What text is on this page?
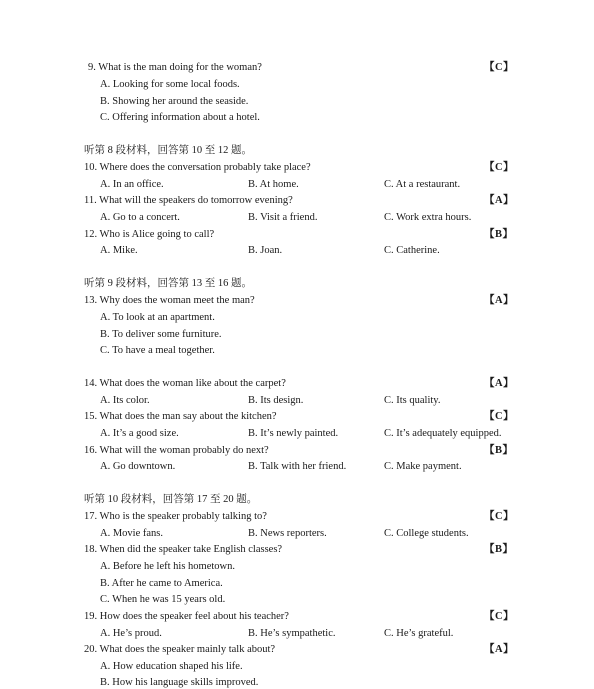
9. What is the man doing for the woman?	【C】
A. Looking for some local foods.
B. Showing her around the seaside.
C. Offering information about a hotel.
听第 8 段材料，回答第 10 至 12 题。
10. Where does the conversation probably take place?	【C】
A. In an office.	B. At home.	C. At a restaurant.
11. What will the speakers do tomorrow evening?	【A】
A. Go to a concert.	B. Visit a friend.	C. Work extra hours.
12. Who is Alice going to call?	【B】
A. Mike.	B. Joan.	C. Catherine.
听第 9 段材料，回答第 13 至 16 题。
13. Why does the woman meet the man?	【A】
A. To look at an apartment.
B. To deliver some furniture.
C. To have a meal together.
14. What does the woman like about the carpet?	【A】
A. Its color.	B. Its design.	C. Its quality.
15. What does the man say about the kitchen?	【C】
A. It’s a good size.	B. It’s newly painted.	C. It’s adequately equipped.
16. What will the woman probably do next?	【B】
A. Go downtown.	B. Talk with her friend.	C. Make payment.
听第 10 段材料，回答第 17 至 20 题。
17. Who is the speaker probably talking to?	【C】
A. Movie fans.	B. News reporters.	C. College students.
18. When did the speaker take English classes?	【B】
A. Before he left his hometown.
B. After he came to America.
C. When he was 15 years old.
19. How does the speaker feel about his teacher?	【C】
A. He’s proud.	B. He’s sympathetic.	C. He’s grateful.
20. What does the speaker mainly talk about?	【A】
A. How education shaped his life.
B. How his language skills improved.
